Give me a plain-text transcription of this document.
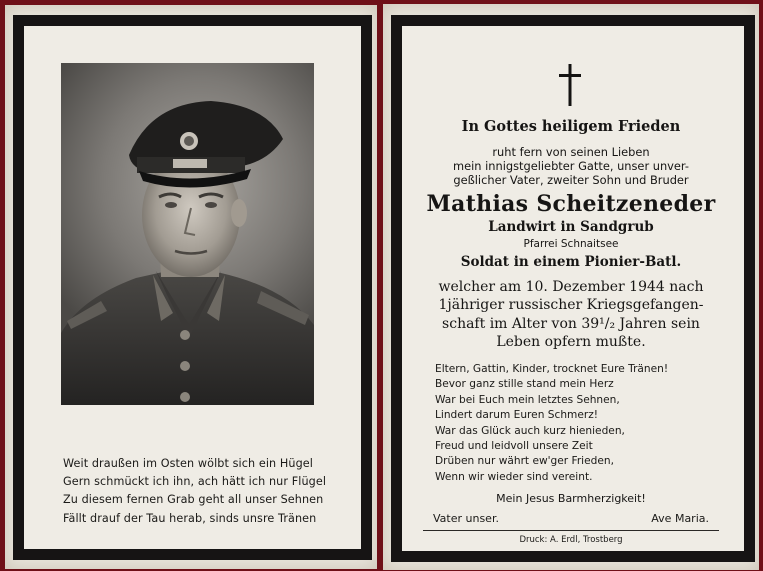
Weit draußen im Osten wölbt sich ein Hügel
Gern schmückt ich ihn, ach hätt ich nur Flügel
Zu diesem fernen Grab geht all unser Sehnen
Fällt drauf der Tau herab, sinds unsre Tränen
In Gottes heiligem Frieden
ruht fern von seinen Lieben
mein innigstgeliebter Gatte, unser unver-
geßlicher Vater, zweiter Sohn und Bruder
Mathias Scheitzeneder
Landwirt in Sandgrub
Pfarrei Schnaitsee
Soldat in einem Pionier-Batl.
welcher am 10. Dezember 1944 nach
1jähriger russischer Kriegsgefangen-
schaft im Alter von 39¹/₂ Jahren sein
Leben opfern mußte.
Eltern, Gattin, Kinder, trocknet Eure Tränen!
Bevor ganz stille stand mein Herz
War bei Euch mein letztes Sehnen,
Lindert darum Euren Schmerz!
War das Glück auch kurz hienieden,
Freud und leidvoll unsere Zeit
Drüben nur währt ew'ger Frieden,
Wenn wir wieder sind vereint.
Mein Jesus Barmherzigkeit!
Vater unser.	Ave Maria.
Druck: A. Erdl, Trostberg
